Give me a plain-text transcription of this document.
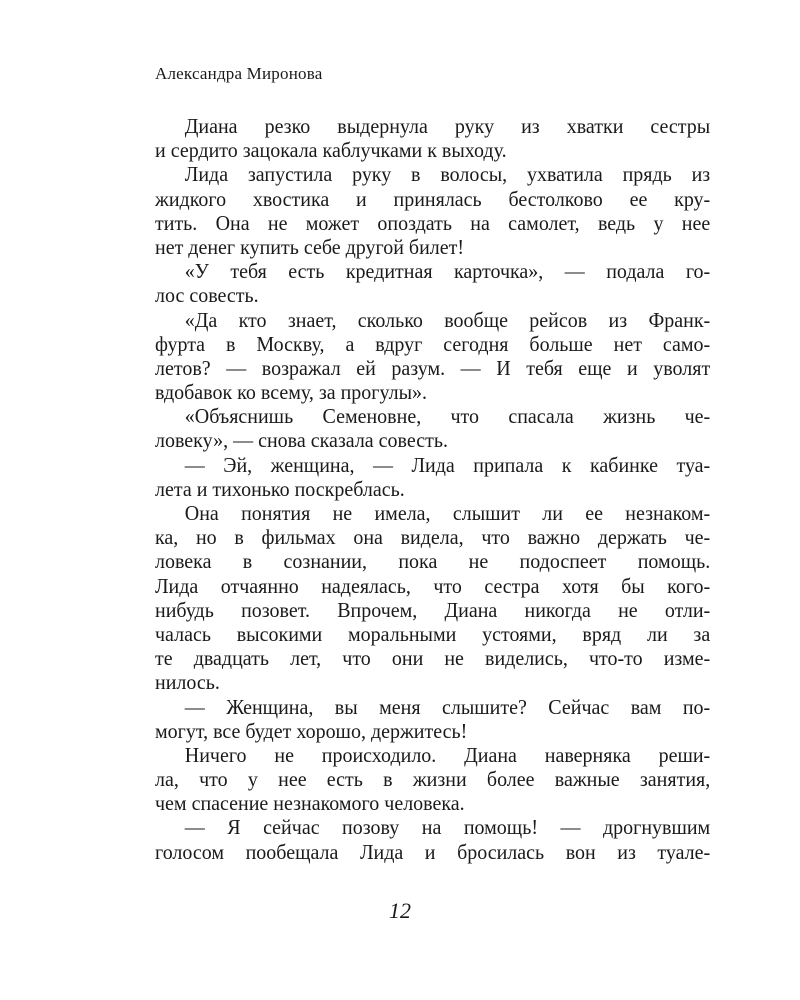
Александра Миронова
Диана резко выдернула руку из хватки сестры
и сердито зацокала каблучками к выходу.
Лида запустила руку в волосы, ухватила прядь из
жидкого хвостика и принялась бестолково ее кру-
тить. Она не может опоздать на самолет, ведь у нее
нет денег купить себе другой билет!
«У тебя есть кредитная карточка», — подала го-
лос совесть.
«Да кто знает, сколько вообще рейсов из Франк-
фурта в Москву, а вдруг сегодня больше нет само-
летов? — возражал ей разум. — И тебя еще и уволят
вдобавок ко всему, за прогулы».
«Объяснишь Семеновне, что спасала жизнь че-
ловеку», — снова сказала совесть.
— Эй, женщина, — Лида припала к кабинке туа-
лета и тихонько поскреблась.
Она понятия не имела, слышит ли ее незнаком-
ка, но в фильмах она видела, что важно держать че-
ловека в сознании, пока не подоспеет помощь.
Лида отчаянно надеялась, что сестра хотя бы кого-
нибудь позовет. Впрочем, Диана никогда не отли-
чалась высокими моральными устоями, вряд ли за
те двадцать лет, что они не виделись, что-то изме-
нилось.
— Женщина, вы меня слышите? Сейчас вам по-
могут, все будет хорошо, держитесь!
Ничего не происходило. Диана наверняка реши-
ла, что у нее есть в жизни более важные занятия,
чем спасение незнакомого человека.
— Я сейчас позову на помощь! — дрогнувшим
голосом пообещала Лида и бросилась вон из туале-
12
